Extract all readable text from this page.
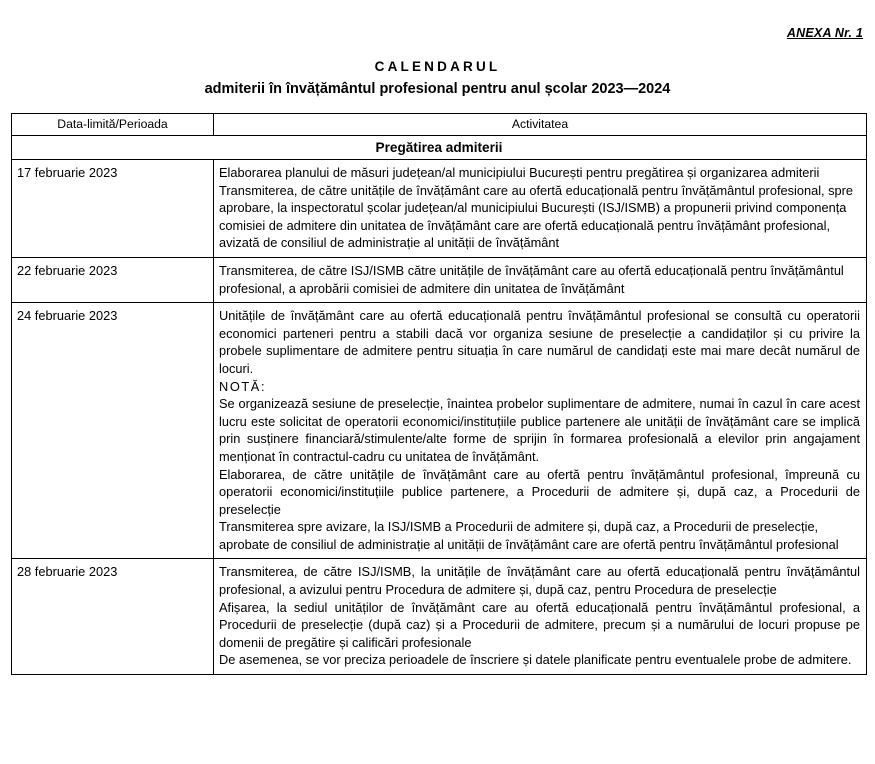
ANEXA Nr. 1
CALENDARUL
admiterii în învățământul profesional pentru anul școlar 2023—2024
Data-limită/Perioada	Activitatea
Pregătirea admiterii	
17 februarie 2023	Elaborarea planului de măsuri județean/al municipiului București pentru pregătirea și organizarea admiterii

Transmiterea, de către unitățile de învățământ care au ofertă educațională pentru învățământul profesional, spre aprobare, la inspectoratul școlar județean/al municipiului București (ISJ/ISMB) a propunerii privind componența comisiei de admitere din unitatea de învățământ care are ofertă educațională pentru învățământ profesional, avizată de consiliul de administrație al unității de învățământ

22 februarie 2023	Transmiterea, de către ISJ/ISMB către unitățile de învățământ care au ofertă educațională pentru învățământul profesional, a aprobării comisiei de admitere din unitatea de învățământ

24 februarie 2023	Unitățile de învățământ care au ofertă educațională pentru învățământul profesional se consultă cu operatorii economici parteneri pentru a stabili dacă vor organiza sesiune de preselecție a candidaților și cu privire la probele suplimentare de admitere pentru situația în care numărul de candidați este mai mare decât numărul de locuri.

NOTĂ:

Se organizează sesiune de preselecție, înaintea probelor suplimentare de admitere, numai în cazul în care acest lucru este solicitat de operatorii economici/instituțiile publice partenere ale unității de învățământ care se implică prin susținere financiară/stimulente/alte forme de sprijin în formarea profesională a elevilor prin angajament menționat în contractul-cadru cu unitatea de învățământ.

Elaborarea, de către unitățile de învățământ care au ofertă pentru învățământul profesional, împreună cu operatorii economici/instituțiile publice partenere, a Procedurii de admitere și, după caz, a Procedurii de preselecție

Transmiterea spre avizare, la ISJ/ISMB a Procedurii de admitere și, după caz, a Procedurii de preselecție, aprobate de consiliul de administrație al unității de învățământ care are ofertă pentru învățământul profesional

28 februarie 2023	Transmiterea, de către ISJ/ISMB, la unitățile de învățământ care au ofertă educațională pentru învățământul profesional, a avizului pentru Procedura de admitere și, după caz, pentru Procedura de preselecție

Afișarea, la sediul unităților de învățământ care au ofertă educațională pentru învățământul profesional, a Procedurii de preselecție (după caz) și a Procedurii de admitere, precum și a numărului de locuri propuse pe domenii de pregătire și calificări profesionale

De asemenea, se vor preciza perioadele de înscriere și datele planificate pentru eventualele probe de admitere.
